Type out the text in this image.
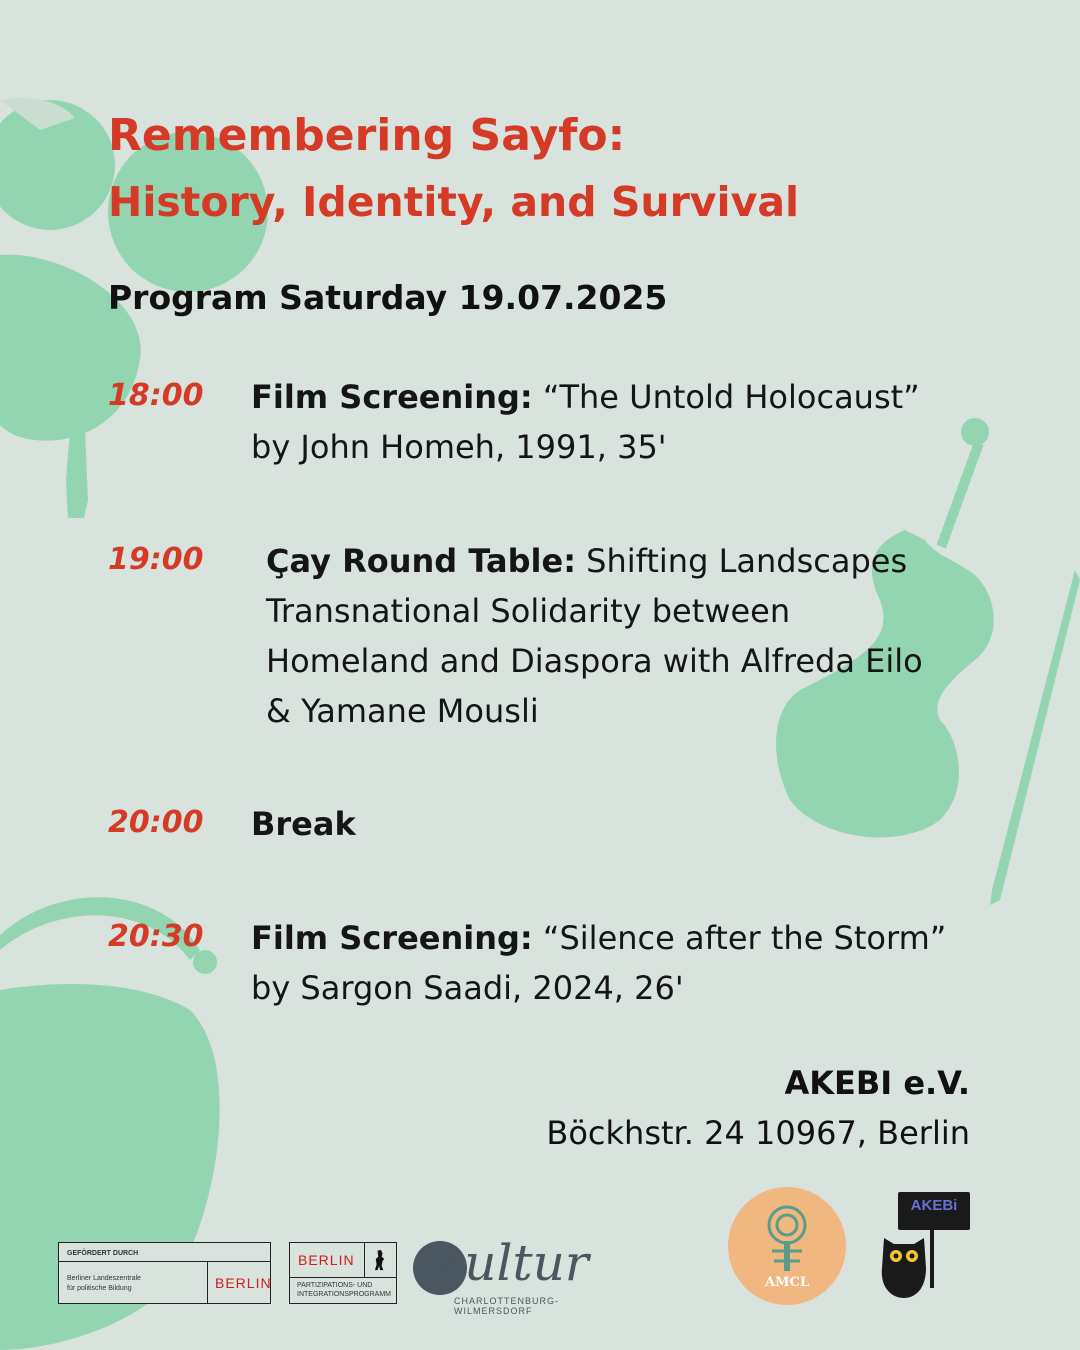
Remembering Sayfo:
History, Identity, and Survival
Program Saturday 19.07.2025
18:00 Film Screening: “The Untold Holocaust”
by John Homeh, 1991, 35'
19:00 Çay Round Table: Shifting Landscapes
Transnational Solidarity between
Homeland and Diaspora with Alfreda Eilo
& Yamane Mousli
20:00 Break
20:30 Film Screening: “Silence after the Storm”
by Sargon Saadi, 2024, 26'
AKEBI e.V.
Böckhstr. 24 10967, Berlin
GEFÖRDERT DURCH
Berliner Landeszentrale
für politische Bildung	BERLIN
BERLIN
PARTIZIPATIONS- UND
INTEGRATIONSPROGRAMM
kultur
CHARLOTTENBURG-WILMERSDORF
AMCL
AKEBi
